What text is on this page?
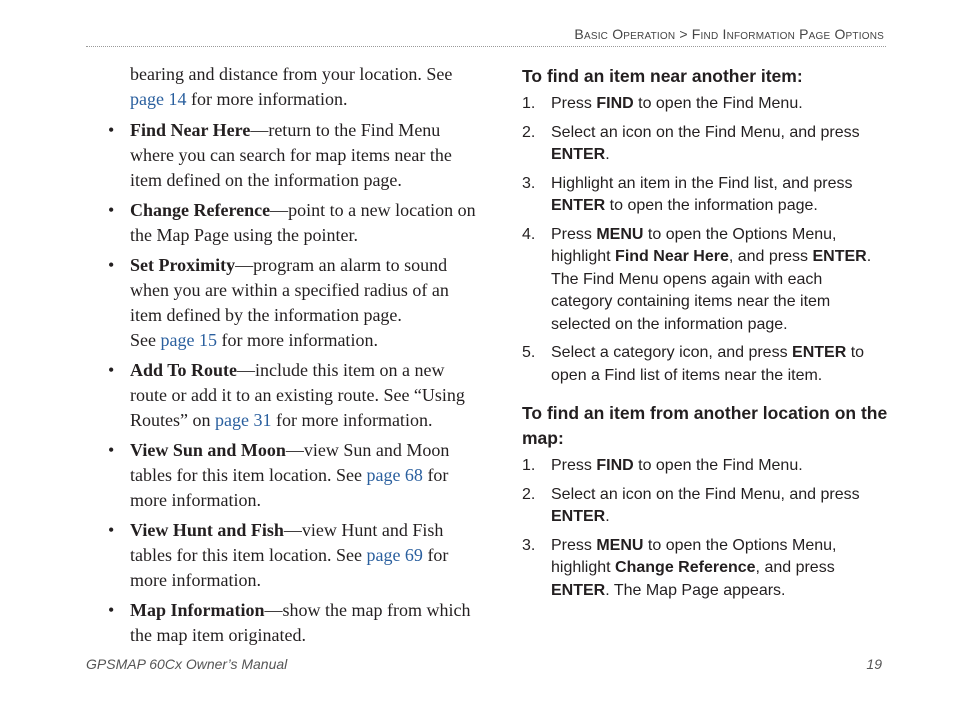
Basic Operation > Find Information Page Options
bearing and distance from your location. See page 14 for more information.
• Find Near Here—return to the Find Menu where you can search for map items near the item defined on the information page.
• Change Reference—point to a new location on the Map Page using the pointer.
• Set Proximity—program an alarm to sound when you are within a specified radius of an item defined by the information page.
See page 15 for more information.
• Add To Route—include this item on a new route or add it to an existing route. See “Using Routes” on page 31 for more information.
• View Sun and Moon—view Sun and Moon tables for this item location. See page 68 for more information.
• View Hunt and Fish—view Hunt and Fish tables for this item location. See page 69 for more information.
• Map Information—show the map from which the map item originated.
To find an item near another item:
1. Press FIND to open the Find Menu.
2. Select an icon on the Find Menu, and press ENTER.
3. Highlight an item in the Find list, and press ENTER to open the information page.
4. Press MENU to open the Options Menu, highlight Find Near Here, and press ENTER. The Find Menu opens again with each category containing items near the item selected on the information page.
5. Select a category icon, and press ENTER to open a Find list of items near the item.
To find an item from another location on the map:
1. Press FIND to open the Find Menu.
2. Select an icon on the Find Menu, and press ENTER.
3. Press MENU to open the Options Menu, highlight Change Reference, and press ENTER. The Map Page appears.
GPSMAP 60Cx Owner’s Manual	19
